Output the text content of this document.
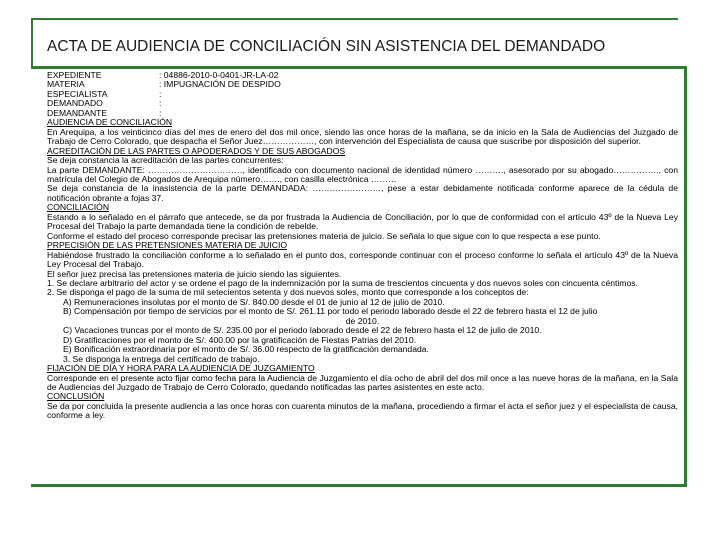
ACTA DE AUDIENCIA DE CONCILIACIÓN SIN ASISTENCIA DEL DEMANDADO
EXPEDIENTE	: 04886-2010-0-0401-JR-LA-02
MATERIA	: IMPUGNACIÓN DE DESPIDO
ESPECIALISTA	:
DEMANDADO	:
DEMANDANTE	:
AUDIENCIA DE CONCILIACIÓN
En Arequipa, a los veinticinco días del mes de enero del dos mil once, siendo las once horas de la mañana, se da inicio en la Sala de Audiencias del Juzgado de Trabajo de Cerro Colorado, que despacha el Señor Juez………………, con intervención del Especialista de causa que suscribe por disposición del superior.
ACREDITACIÓN DE LAS PARTES O APODERADOS Y DE SUS ABOGADOS
Se deja constancia la acreditación de las partes concurrentes:
La parte DEMANDANTE: ……………………………, identificado con documento nacional de identidad número ………., asesorado por su abogado……………., con matrícula del Colegio de Abogados de Arequipa número……., con casilla electrónica ………
Se deja constancia de la inasistencia de la parte DEMANDADA: ……………………, pese a estar debidamente notificada conforme aparece de la cédula de notificación obrante a fojas 37.
CONCILIACIÓN
Estando a lo señalado en el párrafo que antecede, se da por frustrada la Audiencia de Conciliación, por lo que de conformidad con el artículo 43º de la Nueva Ley Procesal del Trabajo la parte demandada tiene la condición de rebelde.
Conforme el estado del proceso corresponde precisar las pretensiones materia de juicio. Se señala lo que sigue con lo que respecta a ese punto.
PRPECISIÓN DE LAS PRETENSIONES MATERIA DE JUICIO
Habiéndose frustrado la conciliación conforme a lo señalado en el punto dos, corresponde continuar con el proceso conforme lo señala el artículo 43º de la Nueva Ley Procesal del Trabajo.
El señor juez precisa las pretensiones materia de juicio siendo las siguientes.
1. Se declare arbitrario del actor y se ordene el pago de la indemnización por la suma de trescientos cincuenta y dos nuevos soles con cincuenta céntimos.
2. Se disponga el pago de la suma de mil setecientos setenta y dos nuevos soles, monto que corresponde a los conceptos de:
A) Remuneraciones insolutas por el monto de S/. 840.00 desde el 01 de junio al 12 de julio de 2010.
B) Compensación por tiempo de servicios por el monto de S/. 261.11 por todo el periodo laborado desde el 22 de febrero hasta el 12 de julio
de 2010.
C) Vacaciones truncas por el monto de S/. 235.00 por el periodo laborado desde el 22 de febrero hasta el 12 de julio de 2010.
D) Gratificaciones por el monto de S/. 400.00 por la gratificación de Fiestas Patrias del 2010.
E) Bonificación extraordinaria por el monto de S/. 36.00 respecto de la gratificación demandada.
3. Se disponga la entrega del certificado de trabajo.
FIJACIÓN DE DÍA Y HORA PARA LA AUDIENCIA DE JUZGAMIENTO
Corresponde en el presente acto fijar como fecha para la Audiencia de Juzgamiento el día ocho de abril del dos mil once a las nueve horas de la mañana, en la Sala de Audiencias del Juzgado de Trabajo de Cerro Colorado, quedando notificadas las partes asistentes en este acto.
CONCLUSIÓN
Se da por concluida la presente audiencia a las once horas con cuarenta minutos de la mañana, procediendo a firmar el acta el señor juez y el especialista de causa, conforme a ley.
